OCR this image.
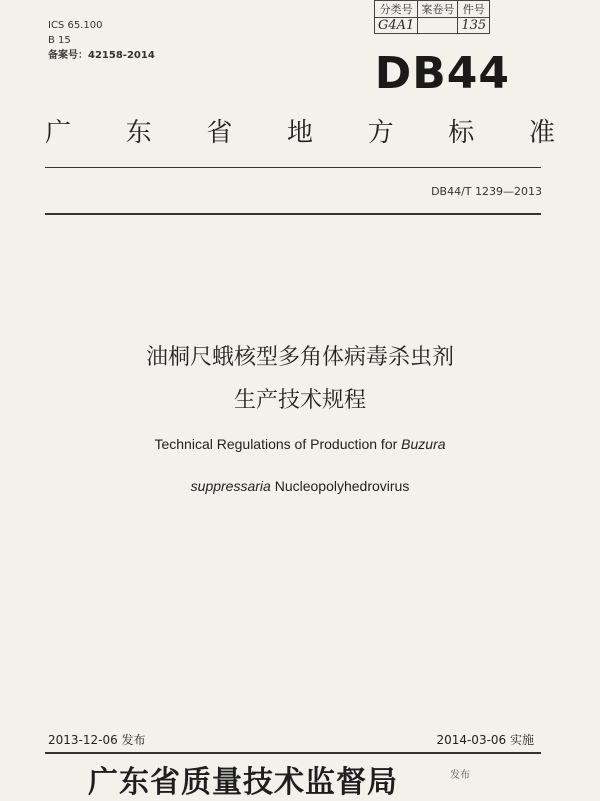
ICS 65.100
B 15
备案号：42158-2014
分类号	案卷号	件号
G4A1		135
DB44
广 东 省 地 方 标 准
DB44/T 1239—2013
油桐尺蛾核型多角体病毒杀虫剂
生产技术规程
Technical Regulations of Production for Buzura
suppressaria Nucleopolyhedrovirus
2013-12-06 发布	2014-03-06 实施
广东省质量技术监督局	发布
